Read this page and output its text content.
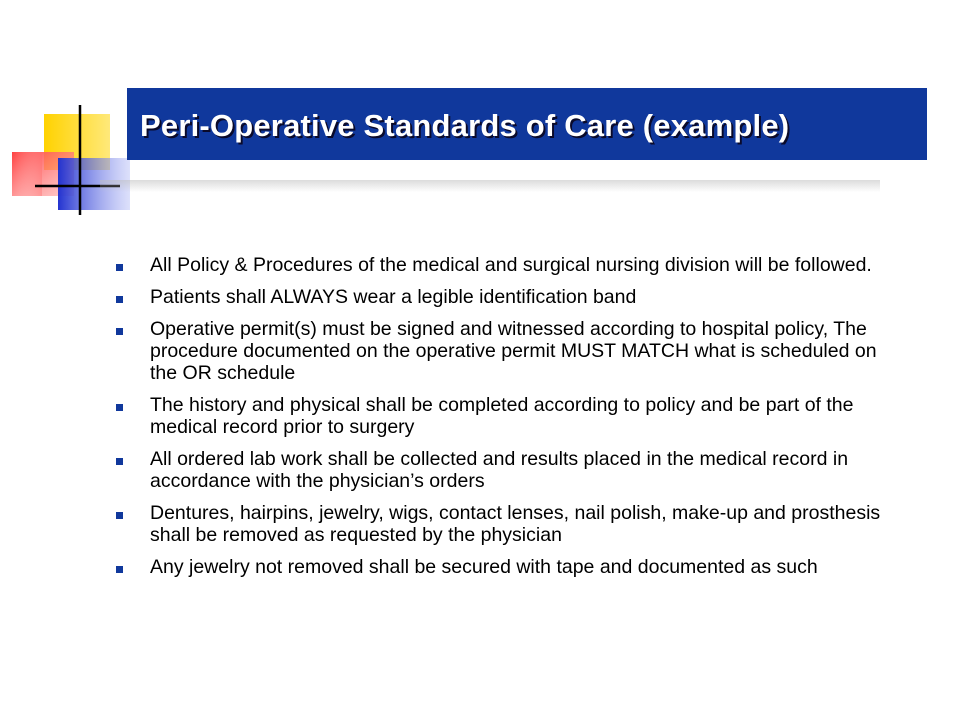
Peri-Operative Standards of Care (example)
All Policy & Procedures of the medical and surgical nursing division will be followed.
Patients shall ALWAYS wear a legible identification band
Operative permit(s) must be signed and witnessed according to hospital policy, The procedure documented on the operative permit MUST MATCH what is scheduled on the OR schedule
The history and physical shall be completed according to policy and be part of the medical record prior to surgery
All ordered lab work shall be collected and results placed in the medical record in accordance with the physician’s orders
Dentures, hairpins, jewelry, wigs, contact lenses, nail polish, make-up and prosthesis shall be removed as requested by the physician
Any jewelry not removed shall be secured with tape and documented as such
